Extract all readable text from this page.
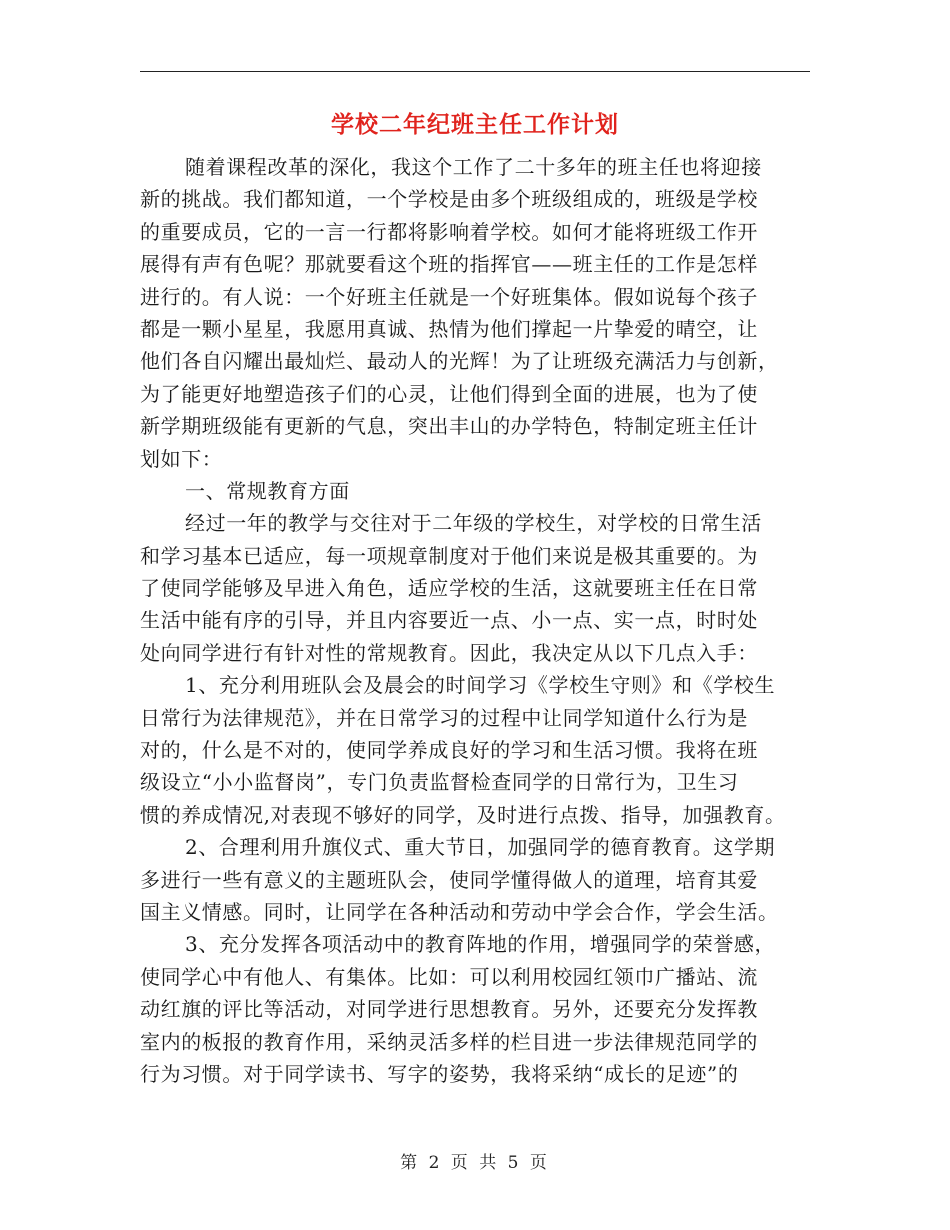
学校二年纪班主任工作计划
随着课程改革的深化，我这个工作了二十多年的班主任也将迎接
新的挑战。我们都知道，一个学校是由多个班级组成的，班级是学校
的重要成员，它的一言一行都将影响着学校。如何才能将班级工作开
展得有声有色呢？那就要看这个班的指挥官——班主任的工作是怎样
进行的。有人说：一个好班主任就是一个好班集体。假如说每个孩子
都是一颗小星星，我愿用真诚、热情为他们撑起一片挚爱的晴空，让
他们各自闪耀出最灿烂、最动人的光辉！为了让班级充满活力与创新，
为了能更好地塑造孩子们的心灵，让他们得到全面的进展，也为了使
新学期班级能有更新的气息，突出丰山的办学特色，特制定班主任计
划如下：
一、常规教育方面
经过一年的教学与交往对于二年级的学校生，对学校的日常生活
和学习基本已适应，每一项规章制度对于他们来说是极其重要的。为
了使同学能够及早进入角色，适应学校的生活，这就要班主任在日常
生活中能有序的引导，并且内容要近一点、小一点、实一点，时时处
处向同学进行有针对性的常规教育。因此，我决定从以下几点入手：
1、充分利用班队会及晨会的时间学习《学校生守则》和《学校生
日常行为法律规范》，并在日常学习的过程中让同学知道什么行为是
对的，什么是不对的，使同学养成良好的学习和生活习惯。我将在班
级设立“小小监督岗”，专门负责监督检查同学的日常行为，卫生习
惯的养成情况,对表现不够好的同学，及时进行点拨、指导，加强教育。
2、合理利用升旗仪式、重大节日，加强同学的德育教育。这学期
多进行一些有意义的主题班队会，使同学懂得做人的道理，培育其爱
国主义情感。同时，让同学在各种活动和劳动中学会合作，学会生活。
3、充分发挥各项活动中的教育阵地的作用，增强同学的荣誉感，
使同学心中有他人、有集体。比如：可以利用校园红领巾广播站、流
动红旗的评比等活动，对同学进行思想教育。另外，还要充分发挥教
室内的板报的教育作用，采纳灵活多样的栏目进一步法律规范同学的
行为习惯。对于同学读书、写字的姿势，我将采纳“成长的足迹”的
第 2 页 共 5 页
